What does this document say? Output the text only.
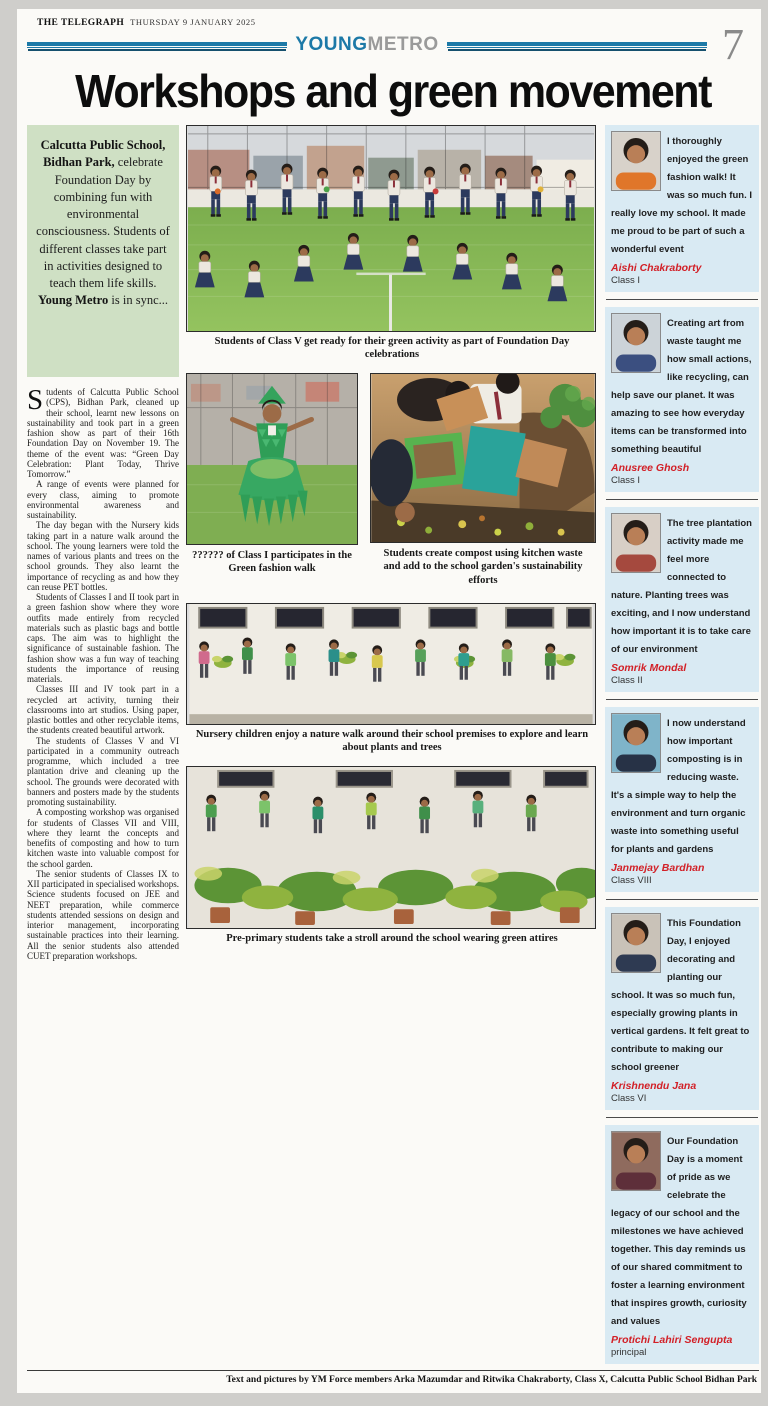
THE TELEGRAPH THURSDAY 9 JANUARY 2025
YOUNGMETRO	7
Workshops and green movement
Calcutta Public School, Bidhan Park, celebrate Foundation Day by combining fun with environmental consciousness. Students of different classes take part in activities designed to teach them life skills. Young Metro is in sync...

Students of Calcutta Public School (CPS), Bidhan Park, cleaned up their school, learnt new lessons on sustainability and took part in a green fashion show as part of their 16th Foundation Day on November 19. The theme of the event was: “Green Day Celebration: Plant Today, Thrive Tomorrow.”

A range of events were planned for every class, aiming to promote environmental awareness and sustainability.

The day began with the Nursery kids taking part in a nature walk around the school. The young learners were told the names of various plants and trees on the school grounds. They also learnt the importance of recycling as and how they can reuse PET bottles.

Students of Classes I and II took part in a green fashion show where they wore outfits made entirely from recycled materials such as plastic bags and bottle caps. The aim was to highlight the significance of sustainable fashion. The fashion show was a fun way of teaching students the importance of reusing materials.

Classes III and IV took part in a recycled art activity, turning their classrooms into art studios. Using paper, plastic bottles and other recyclable items, the students created beautiful artwork.

The students of Classes V and VI participated in a community outreach programme, which included a tree plantation drive and cleaning up the school. The grounds were decorated with banners and posters made by the students promoting sustainability.

A composting workshop was organised for students of Classes VII and VIII, where they learnt the concepts and benefits of composting and how to turn kitchen waste into valuable compost for the school garden.

The senior students of Classes IX to XII participated in specialised workshops. Science students focused on JEE and NEET preparation, while commerce students attended sessions on design and interior management, incorporating sustainable practices into their learning. All the senior students also attended CUET preparation workshops.

Students of Class V get ready for their green activity as part of Foundation Day celebrations
?????? of Class I participates in the Green fashion walk
Students create compost using kitchen waste and add to the school garden's sustainability efforts
Nursery children enjoy a nature walk around their school premises to explore and learn about plants and trees
Pre-primary students take a stroll around the school wearing green attires
I thoroughly enjoyed the green fashion walk! It was so much fun. I really love my school. It made me proud to be part of such a wonderful event
Aishi Chakraborty
Class I
Creating art from waste taught me how small actions, like recycling, can help save our planet. It was amazing to see how everyday items can be transformed into something beautiful
Anusree Ghosh
Class I
The tree plantation activity made me feel more connected to nature. Planting trees was exciting, and I now understand how important it is to take care of our environment
Somrik Mondal
Class II
I now understand how important composting is in reducing waste. It's a simple way to help the environment and turn organic waste into something useful for plants and gardens
Janmejay Bardhan
Class VIII
This Foundation Day, I enjoyed decorating and planting our school. It was so much fun, especially growing plants in vertical gardens. It felt great to contribute to making our school greener
Krishnendu Jana
Class VI
Our Foundation Day is a moment of pride as we celebrate the legacy of our school and the milestones we have achieved together. This day reminds us of our shared commitment to foster a learning environment that inspires growth, curiosity and values
Protichi Lahiri Sengupta
principal
Text and pictures by YM Force members Arka Mazumdar and Ritwika Chakraborty, Class X, Calcutta Public School Bidhan Park
